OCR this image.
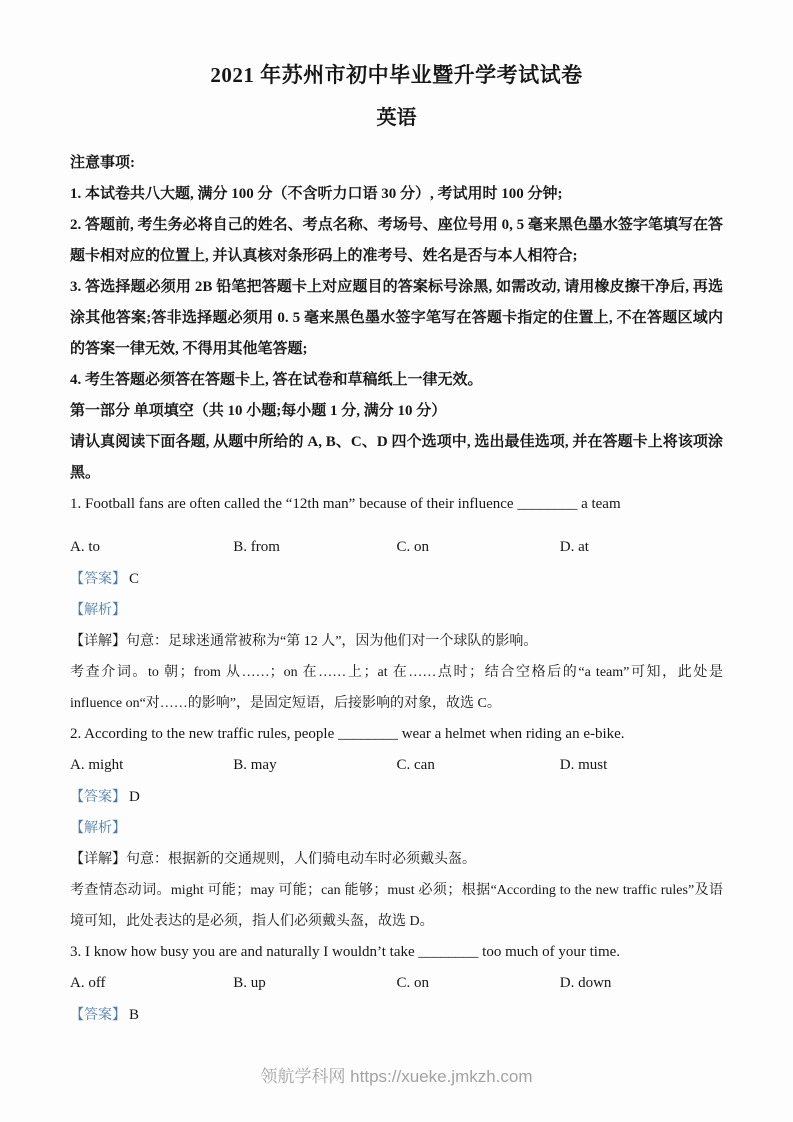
2021 年苏州市初中毕业暨升学考试试卷
英语

注意事项:

1. 本试卷共八大题, 满分 100 分（不含听力口语 30 分）, 考试用时 100 分钟;

2. 答题前, 考生务必将自己的姓名、考点名称、考场号、座位号用 0, 5 毫来黑色墨水签字笔填写在答题卡相对应的位置上, 并认真核对条形码上的准考号、姓名是否与本人相符合;

3. 答选择题必须用 2B 铅笔把答题卡上对应题目的答案标号涂黑, 如需改动, 请用橡皮擦干净后, 再选涂其他答案;答非选择题必须用 0. 5 毫来黑色墨水签字笔写在答题卡指定的住置上, 不在答题区域内的答案一律无效, 不得用其他笔答题;

4. 考生答题必须答在答题卡上, 答在试卷和草稿纸上一律无效。

第一部分 单项填空（共 10 小题;每小题 1 分, 满分 10 分）

请认真阅读下面各题, 从题中所给的 A, B、C、D 四个选项中, 选出最佳选项, 并在答题卡上将该项涂黑。

1. Football fans are often called the “12th man” because of their influence ________ a team

A. to	B. from	C. on	D. at

【答案】 C

【解析】

【详解】句意：足球迷通常被称为“第 12 人”，因为他们对一个球队的影响。

考查介词。to 朝；from 从……；on 在……上；at 在……点时；结合空格后的“a team”可知，此处是 influence on“对……的影响”，是固定短语，后接影响的对象，故选 C。

2. According to the new traffic rules, people ________ wear a helmet when riding an e-bike.

A. might	B. may	C. can	D. must

【答案】 D

【解析】

【详解】句意：根据新的交通规则，人们骑电动车时必须戴头盔。

考查情态动词。might 可能；may 可能；can 能够；must 必须；根据“According to the new traffic rules”及语境可知，此处表达的是必须，指人们必须戴头盔，故选 D。

3. I know how busy you are and naturally I wouldn’t take ________ too much of your time.

A. off	B. up	C. on	D. down

【答案】 B

领航学科网 https://xueke.jmkzh.com
